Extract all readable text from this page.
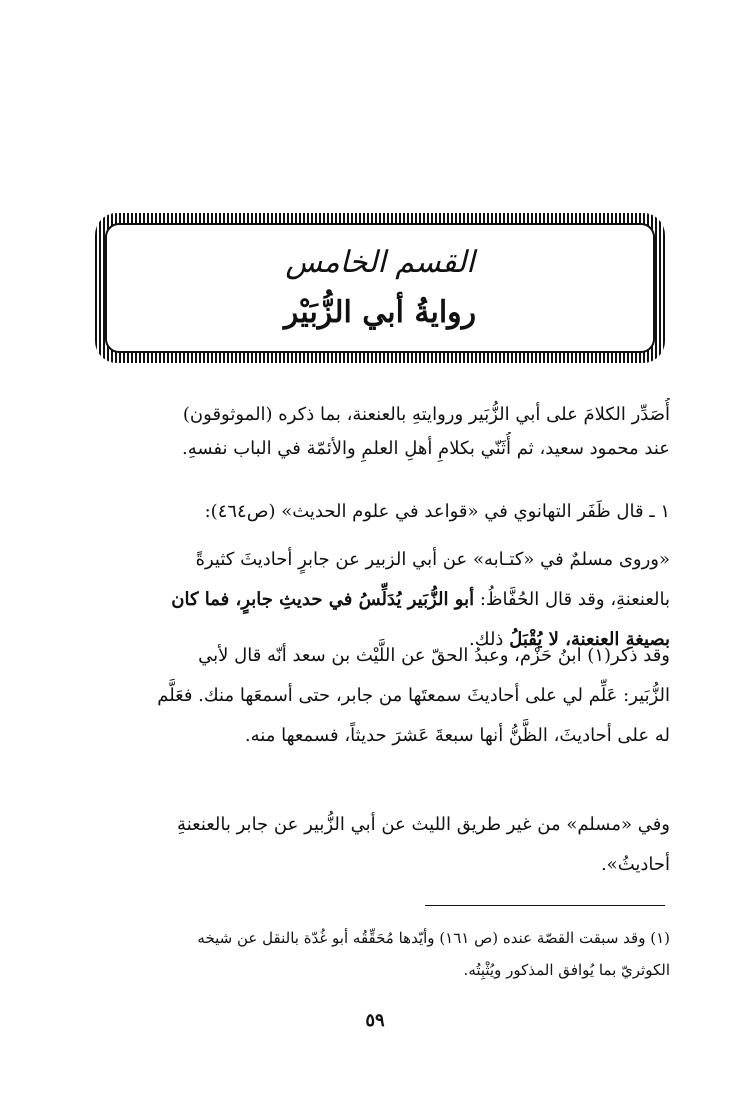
القسم الخامس
روايةُ أبي الزُّبَيْر
أُصَدِّر الكلامَ على أبي الزُّبَير وروايتهِ بالعنعنة، بما ذكره (الموثوقون)
عند محمود سعيد، ثم أُثَنّي بكلامِ أهلِ العلمِ والأئمّة في الباب نفسهِ.
١ ـ قال ظَفَر التهانوي في «قواعد في علوم الحديث» (ص٤٦٤):
«وروى مسلمٌ في «كتـابه» عن أبي الزبير عن جابرٍ أحاديثَ كثيرةً
بالعنعنةِ، وقد قال الحُفَّاظُ: أبو الزُّبَير يُدَلِّسُ في حديثِ جابرٍ، فما كان
بصيغةِ العنعنة، لا يُقْبَلُ ذلك.
وقد ذكر(١) ابنُ حَزْم، وعبدُ الحقّ عن اللَّيْث بن سعد أنّه قال لأبي
الزُّبَير: عَلِّم لي على أحاديثَ سمعتَها من جابر، حتى أسمعَها منك. فعَلَّم
له على أحاديثَ، الظَّنُّ أنها سبعةَ عَشرَ حديثاً، فسمعها منه.
وفي «مسلم» من غير طريق الليث عن أبي الزُّبير عن جابر بالعنعنةِ
أحاديثُ».
(١) وقد سبقت القصّة عنده (ص ١٦١) وأيّدها مُحَقِّقُه أبو غُدّة بالنقل عن شيخه
الكوثريّ بما يُوافق المذكور ويُثْبِتُه.
٥٩
